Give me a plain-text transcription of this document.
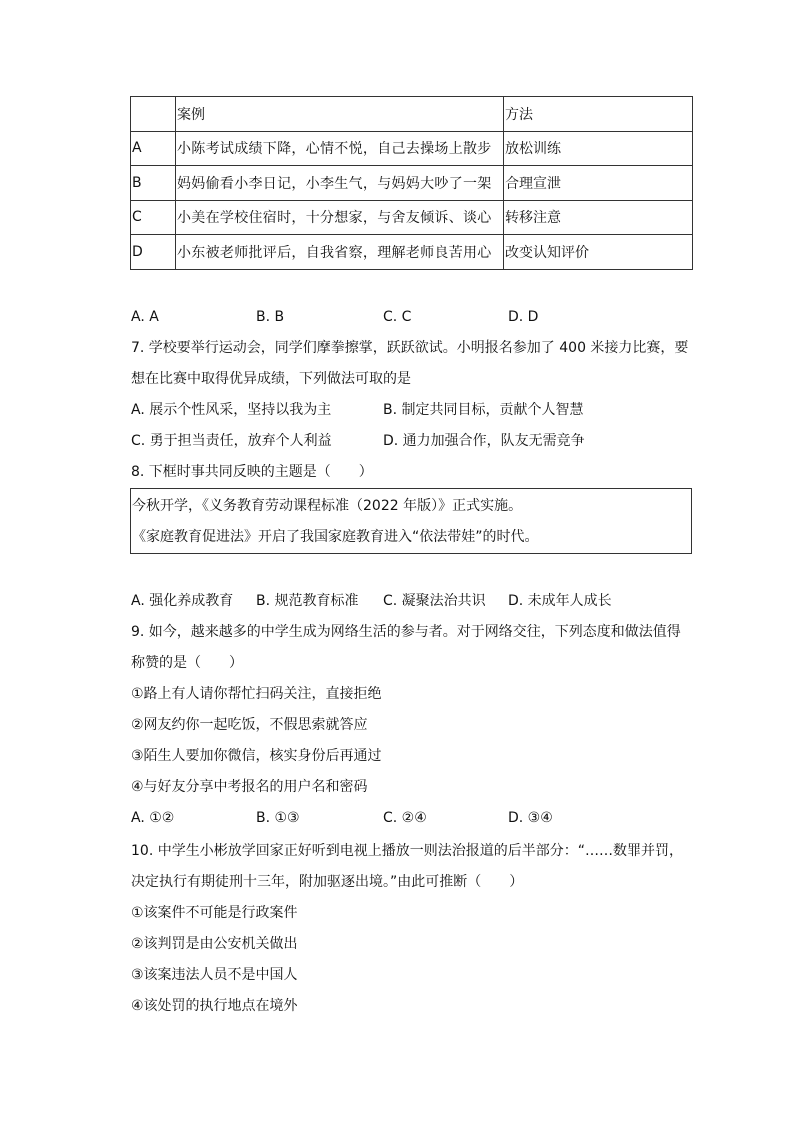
	案例	方法
A	小陈考试成绩下降，心情不悦，自己去操场上散步	放松训练
B	妈妈偷看小李日记，小李生气，与妈妈大吵了一架	合理宣泄
C	小美在学校住宿时，十分想家，与舍友倾诉、谈心	转移注意
D	小东被老师批评后，自我省察，理解老师良苦用心	改变认知评价
A. A	B. B	C. C	D. D
7. 学校要举行运动会，同学们摩拳擦掌，跃跃欲试。小明报名参加了 400 米接力比赛，要
想在比赛中取得优异成绩，下列做法可取的是
A. 展示个性风采，坚持以我为主	B. 制定共同目标，贡献个人智慧
C. 勇于担当责任，放弃个人利益	D. 通力加强合作，队友无需竞争
8. 下框时事共同反映的主题是（　　）
今秋开学，《义务教育劳动课程标准（2022 年版）》正式实施。
《家庭教育促进法》开启了我国家庭教育进入“依法带娃”的时代。
A. 强化养成教育 B. 规范教育标准 C. 凝聚法治共识 D. 未成年人成长
9. 如今，越来越多的中学生成为网络生活的参与者。对于网络交往，下列态度和做法值得
称赞的是（　　）
①路上有人请你帮忙扫码关注，直接拒绝
②网友约你一起吃饭，不假思索就答应
③陌生人要加你微信，核实身份后再通过
④与好友分享中考报名的用户名和密码
A. ①②	B. ①③	C. ②④	D. ③④
10. 中学生小彬放学回家正好听到电视上播放一则法治报道的后半部分：“……数罪并罚，
决定执行有期徒刑十三年，附加驱逐出境。”由此可推断（　　）
①该案件不可能是行政案件
②该判罚是由公安机关做出
③该案违法人员不是中国人
④该处罚的执行地点在境外
